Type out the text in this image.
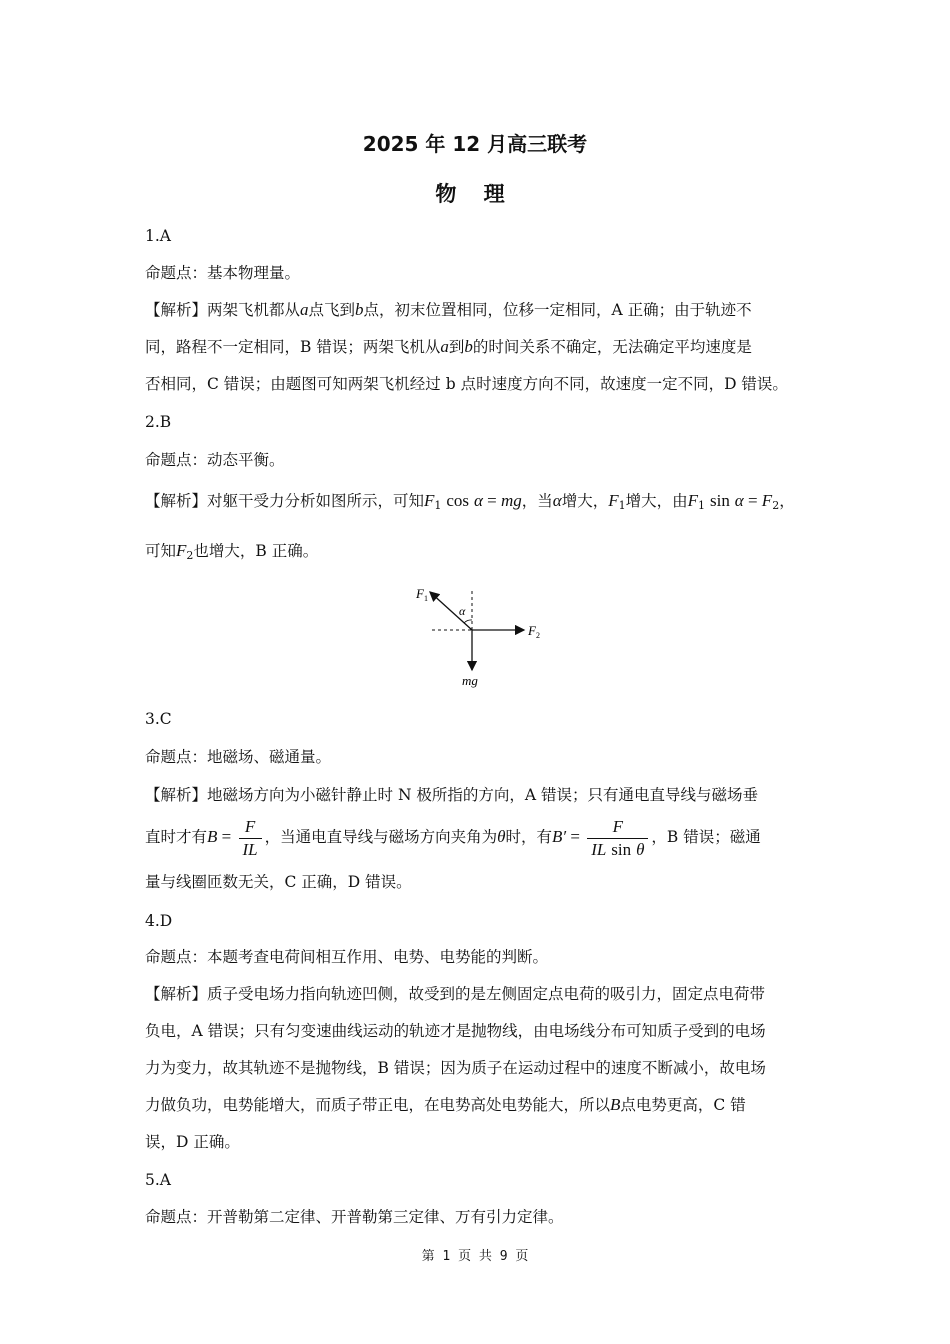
2025 年 12 月高三联考
物 理
1.A
命题点：基本物理量。
【解析】两架飞机都从a点飞到b点，初末位置相同，位移一定相同，A 正确；由于轨迹不
同，路程不一定相同，B 错误；两架飞机从a到b的时间关系不确定，无法确定平均速度是
否相同，C 错误；由题图可知两架飞机经过 b 点时速度方向不同，故速度一定不同，D 错误。
2.B
命题点：动态平衡。
【解析】对躯干受力分析如图所示，可知$F_1$ cos α = mg，当α增大，$F_1$增大，由$F_1$ $\sin \alpha = F_2$，
可知$F_2$也增大，B 正确。
$F_1$
α
$F_2$
mg
3.C
命题点：地磁场、磁通量。
【解析】地磁场方向为小磁针静止时 N 极所指的方向，A 错误；只有通电直导线与磁场垂
直时才有$B = \frac{F}{IL}$ ，当通电直导线与磁场方向夹角为θ时，有$B' = \frac{F}{\text{IL sin θ}}$ ，B 错误；磁通
量与线圈匝数无关，C 正确，D 错误。
4.D
命题点：本题考查电荷间相互作用、电势、电势能的判断。
【解析】质子受电场力指向轨迹凹侧，故受到的是左侧固定点电荷的吸引力，固定点电荷带
负电，A 错误；只有匀变速曲线运动的轨迹才是抛物线，由电场线分布可知质子受到的电场
力为变力，故其轨迹不是抛物线，B 错误；因为质子在运动过程中的速度不断减小，故电场
力做负功，电势能增大，而质子带正电，在电势高处电势能大，所以B点电势更高，C 错
误，D 正确。
5.A
命题点：开普勒第二定律、开普勒第三定律、万有引力定律。
第 1 页 共 9 页
